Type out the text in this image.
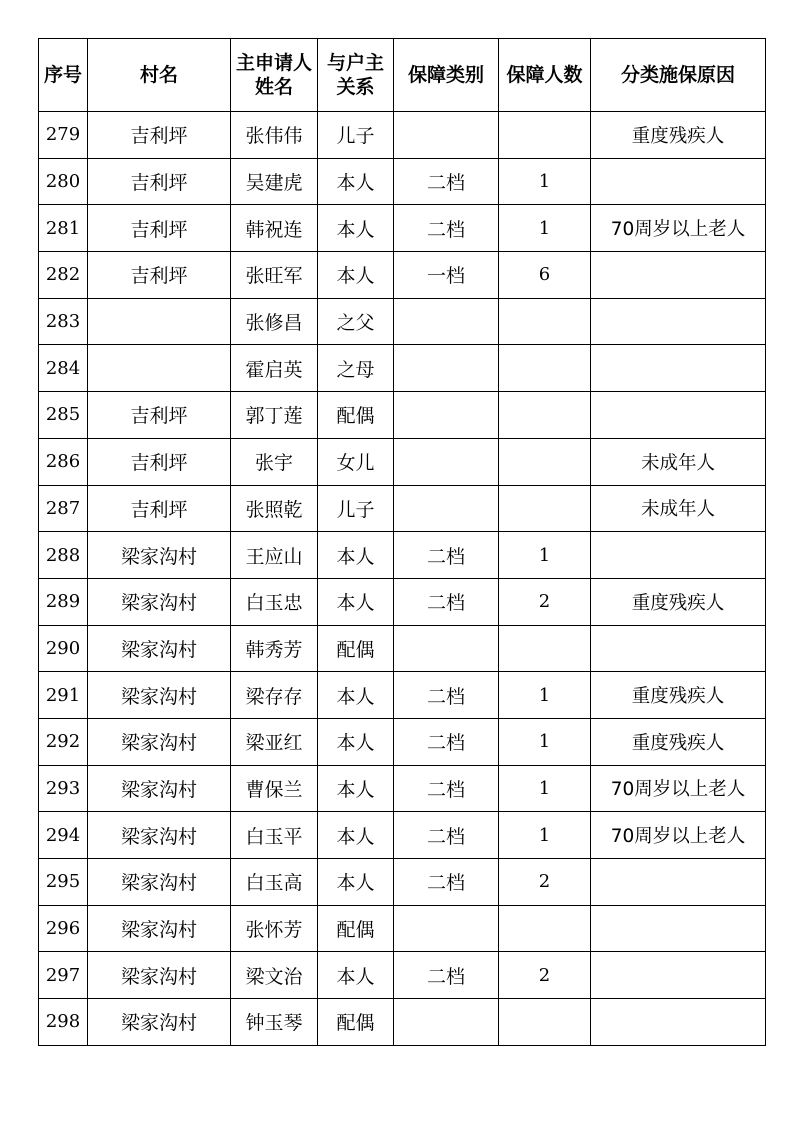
序号	村名	主申请人姓名	与户主关系	保障类别	保障人数	分类施保原因
279	吉利坪	张伟伟	儿子			重度残疾人
280	吉利坪	吴建虎	本人	二档	1	
281	吉利坪	韩祝连	本人	二档	1	70周岁以上老人
282	吉利坪	张旺军	本人	一档	6	
283		张修昌	之父			
284		霍启英	之母			
285	吉利坪	郭丁莲	配偶			
286	吉利坪	张宇	女儿			未成年人
287	吉利坪	张照乾	儿子			未成年人
288	梁家沟村	王应山	本人	二档	1	
289	梁家沟村	白玉忠	本人	二档	2	重度残疾人
290	梁家沟村	韩秀芳	配偶			
291	梁家沟村	梁存存	本人	二档	1	重度残疾人
292	梁家沟村	梁亚红	本人	二档	1	重度残疾人
293	梁家沟村	曹保兰	本人	二档	1	70周岁以上老人
294	梁家沟村	白玉平	本人	二档	1	70周岁以上老人
295	梁家沟村	白玉高	本人	二档	2	
296	梁家沟村	张怀芳	配偶			
297	梁家沟村	梁文治	本人	二档	2	
298	梁家沟村	钟玉琴	配偶			
